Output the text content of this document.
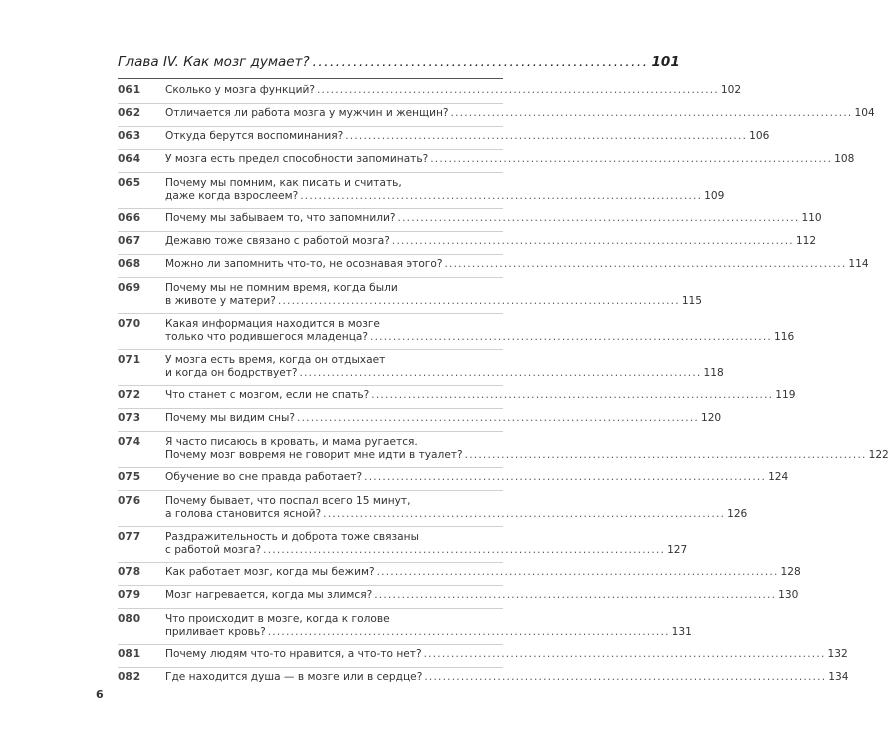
Глава IV. Как мозг думает? .......................................................... 101
061	Сколько у мозга функций? ........................................................................................ 102
062	Отличается ли работа мозга у мужчин и женщин? ........................................................................................ 104
063	Откуда берутся воспоминания? ........................................................................................ 106
064	У мозга есть предел способности запоминать? ........................................................................................ 108
065	Почему мы помним, как писать и считать,
даже когда взрослеем? ........................................................................................ 109
066	Почему мы забываем то, что запомнили? ........................................................................................ 110
067	Дежавю тоже связано с работой мозга? ........................................................................................ 112
068	Можно ли запомнить что-то, не осознавая этого? ........................................................................................ 114
069	Почему мы не помним время, когда были
в животе у матери? ........................................................................................ 115
070	Какая информация находится в мозге
только что родившегося младенца? ........................................................................................ 116
071	У мозга есть время, когда он отдыхает
и когда он бодрствует? ........................................................................................ 118
072	Что станет с мозгом, если не спать? ........................................................................................ 119
073	Почему мы видим сны? ........................................................................................ 120
074	Я часто писаюсь в кровать, и мама ругается.
Почему мозг вовремя не говорит мне идти в туалет? ........................................................................................ 122
075	Обучение во сне правда работает? ........................................................................................ 124
076	Почему бывает, что поспал всего 15 минут,
а голова становится ясной? ........................................................................................ 126
077	Раздражительность и доброта тоже связаны
с работой мозга? ........................................................................................ 127
078	Как работает мозг, когда мы бежим? ........................................................................................ 128
079	Мозг нагревается, когда мы злимся? ........................................................................................ 130
080	Что происходит в мозге, когда к голове
приливает кровь? ........................................................................................ 131
081	Почему людям что-то нравится, а что-то нет? ........................................................................................ 132
082	Где находится душа — в мозге или в сердце? ........................................................................................ 134
6
